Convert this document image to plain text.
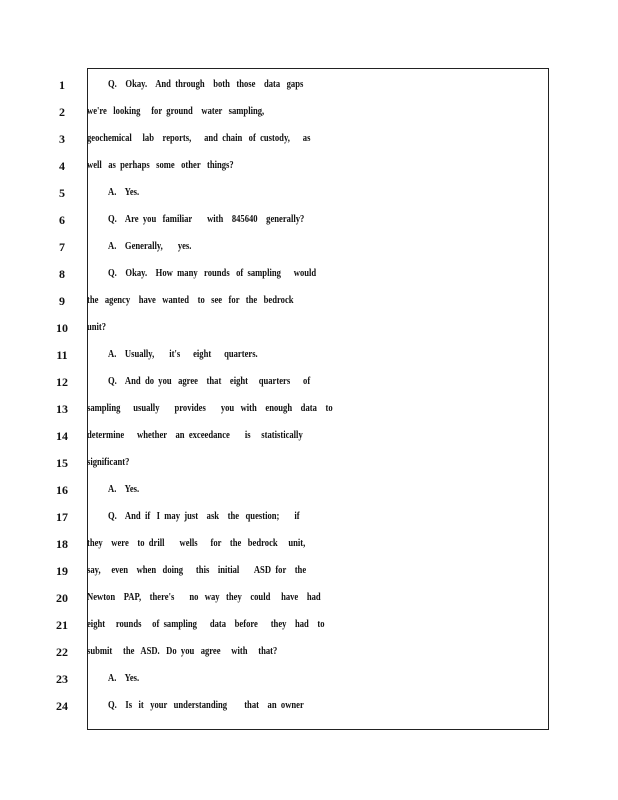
1	Q.    Okay.    And  through    both   those    data   gaps
2	we're   looking     for  ground    water   sampling,
3	geochemical     lab    reports,      and  chain   of  custody,      as
4	well   as  perhaps   some   other   things?
5	A.    Yes.
6	Q.    Are  you   familiar       with    845640    generally?
7	A.    Generally,       yes.
8	Q.    Okay.    How  many   rounds   of  sampling      would
9	the   agency    have   wanted    to   see   for   the   bedrock
10	unit?
11	A.    Usually,       it's      eight      quarters.
12	Q.    And  do  you   agree    that    eight     quarters      of
13	sampling      usually       provides       you   with    enough    data    to
14	determine      whether    an  exceedance       is     statistically
15	significant?
16	A.    Yes.
17	Q.    And  if   I  may  just    ask    the   question;       if
18	they    were    to  drill       wells      for    the   bedrock     unit,
19	say,     even    when   doing      this    initial       ASD  for    the
20	Newton    PAP,    there's       no   way   they    could     have    had
21	eight     rounds     of  sampling      data    before      they    had    to
22	submit     the   ASD.   Do  you   agree     with     that?
23	A.    Yes.
24	Q.    Is   it   your   understanding        that    an  owner
